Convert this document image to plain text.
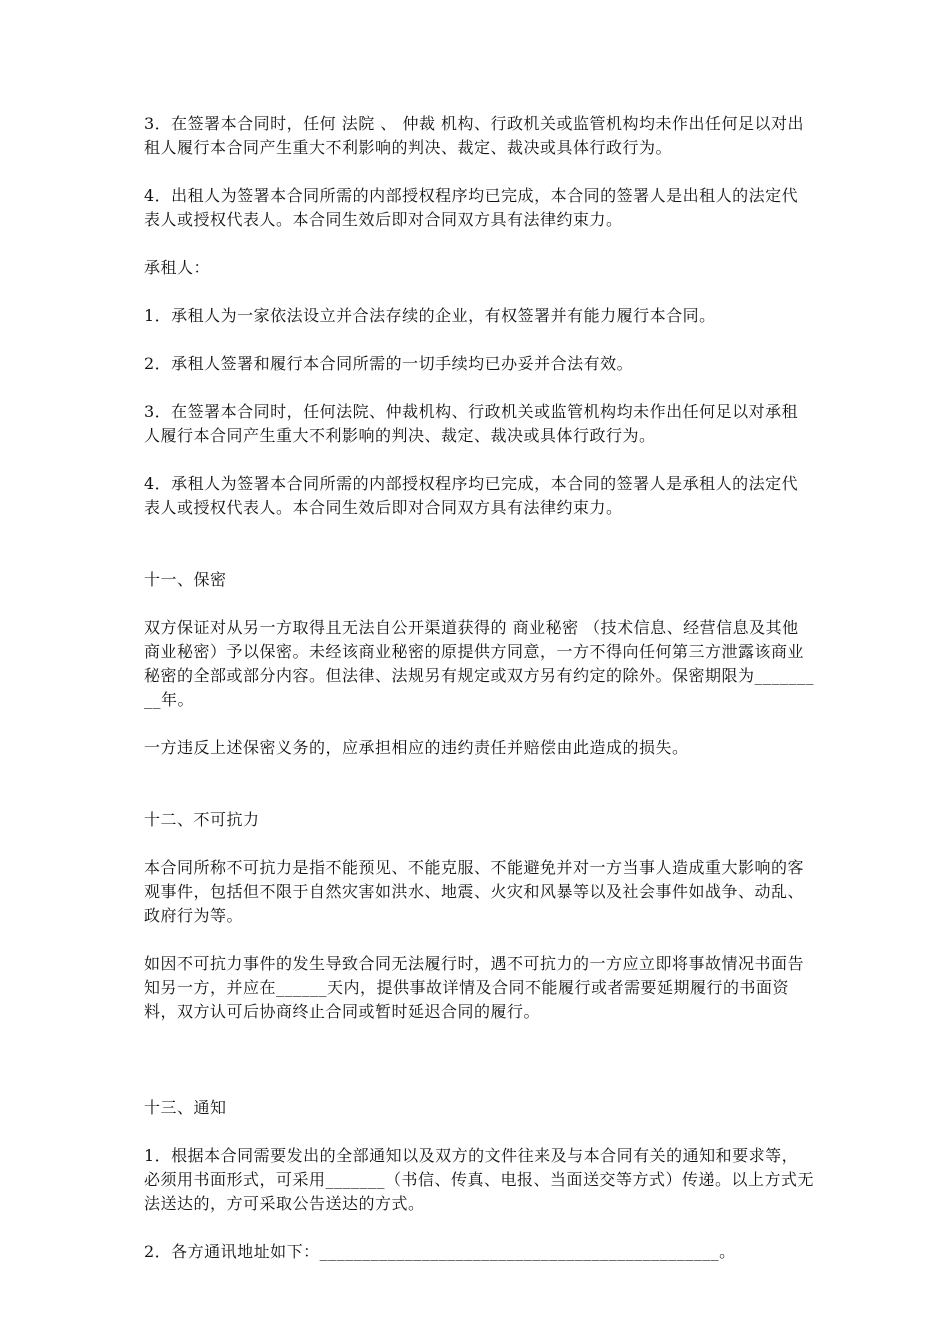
3．在签署本合同时，任何 法院 、 仲裁 机构、行政机关或监管机构均未作出任何足以对出租人履行本合同产生重大不利影响的判决、裁定、裁决或具体行政行为。

4．出租人为签署本合同所需的内部授权程序均已完成，本合同的签署人是出租人的法定代表人或授权代表人。本合同生效后即对合同双方具有法律约束力。

承租人：

1．承租人为一家依法设立并合法存续的企业，有权签署并有能力履行本合同。

2．承租人签署和履行本合同所需的一切手续均已办妥并合法有效。

3．在签署本合同时，任何法院、仲裁机构、行政机关或监管机构均未作出任何足以对承租人履行本合同产生重大不利影响的判决、裁定、裁决或具体行政行为。

4．承租人为签署本合同所需的内部授权程序均已完成，本合同的签署人是承租人的法定代表人或授权代表人。本合同生效后即对合同双方具有法律约束力。

十一、保密

双方保证对从另一方取得且无法自公开渠道获得的 商业秘密 （技术信息、经营信息及其他商业秘密）予以保密。未经该商业秘密的原提供方同意，一方不得向任何第三方泄露该商业秘密的全部或部分内容。但法律、法规另有规定或双方另有约定的除外。保密期限为_________年。

一方违反上述保密义务的，应承担相应的违约责任并赔偿由此造成的损失。

十二、不可抗力

本合同所称不可抗力是指不能预见、不能克服、不能避免并对一方当事人造成重大影响的客观事件，包括但不限于自然灾害如洪水、地震、火灾和风暴等以及社会事件如战争、动乱、政府行为等。

如因不可抗力事件的发生导致合同无法履行时，遇不可抗力的一方应立即将事故情况书面告知另一方，并应在______天内，提供事故详情及合同不能履行或者需要延期履行的书面资料，双方认可后协商终止合同或暂时延迟合同的履行。

十三、通知

1．根据本合同需要发出的全部通知以及双方的文件往来及与本合同有关的通知和要求等，必须用书面形式，可采用_______（书信、传真、电报、当面送交等方式）传递。以上方式无法送达的，方可采取公告送达的方式。

2．各方通讯地址如下：_______________________________________________。
